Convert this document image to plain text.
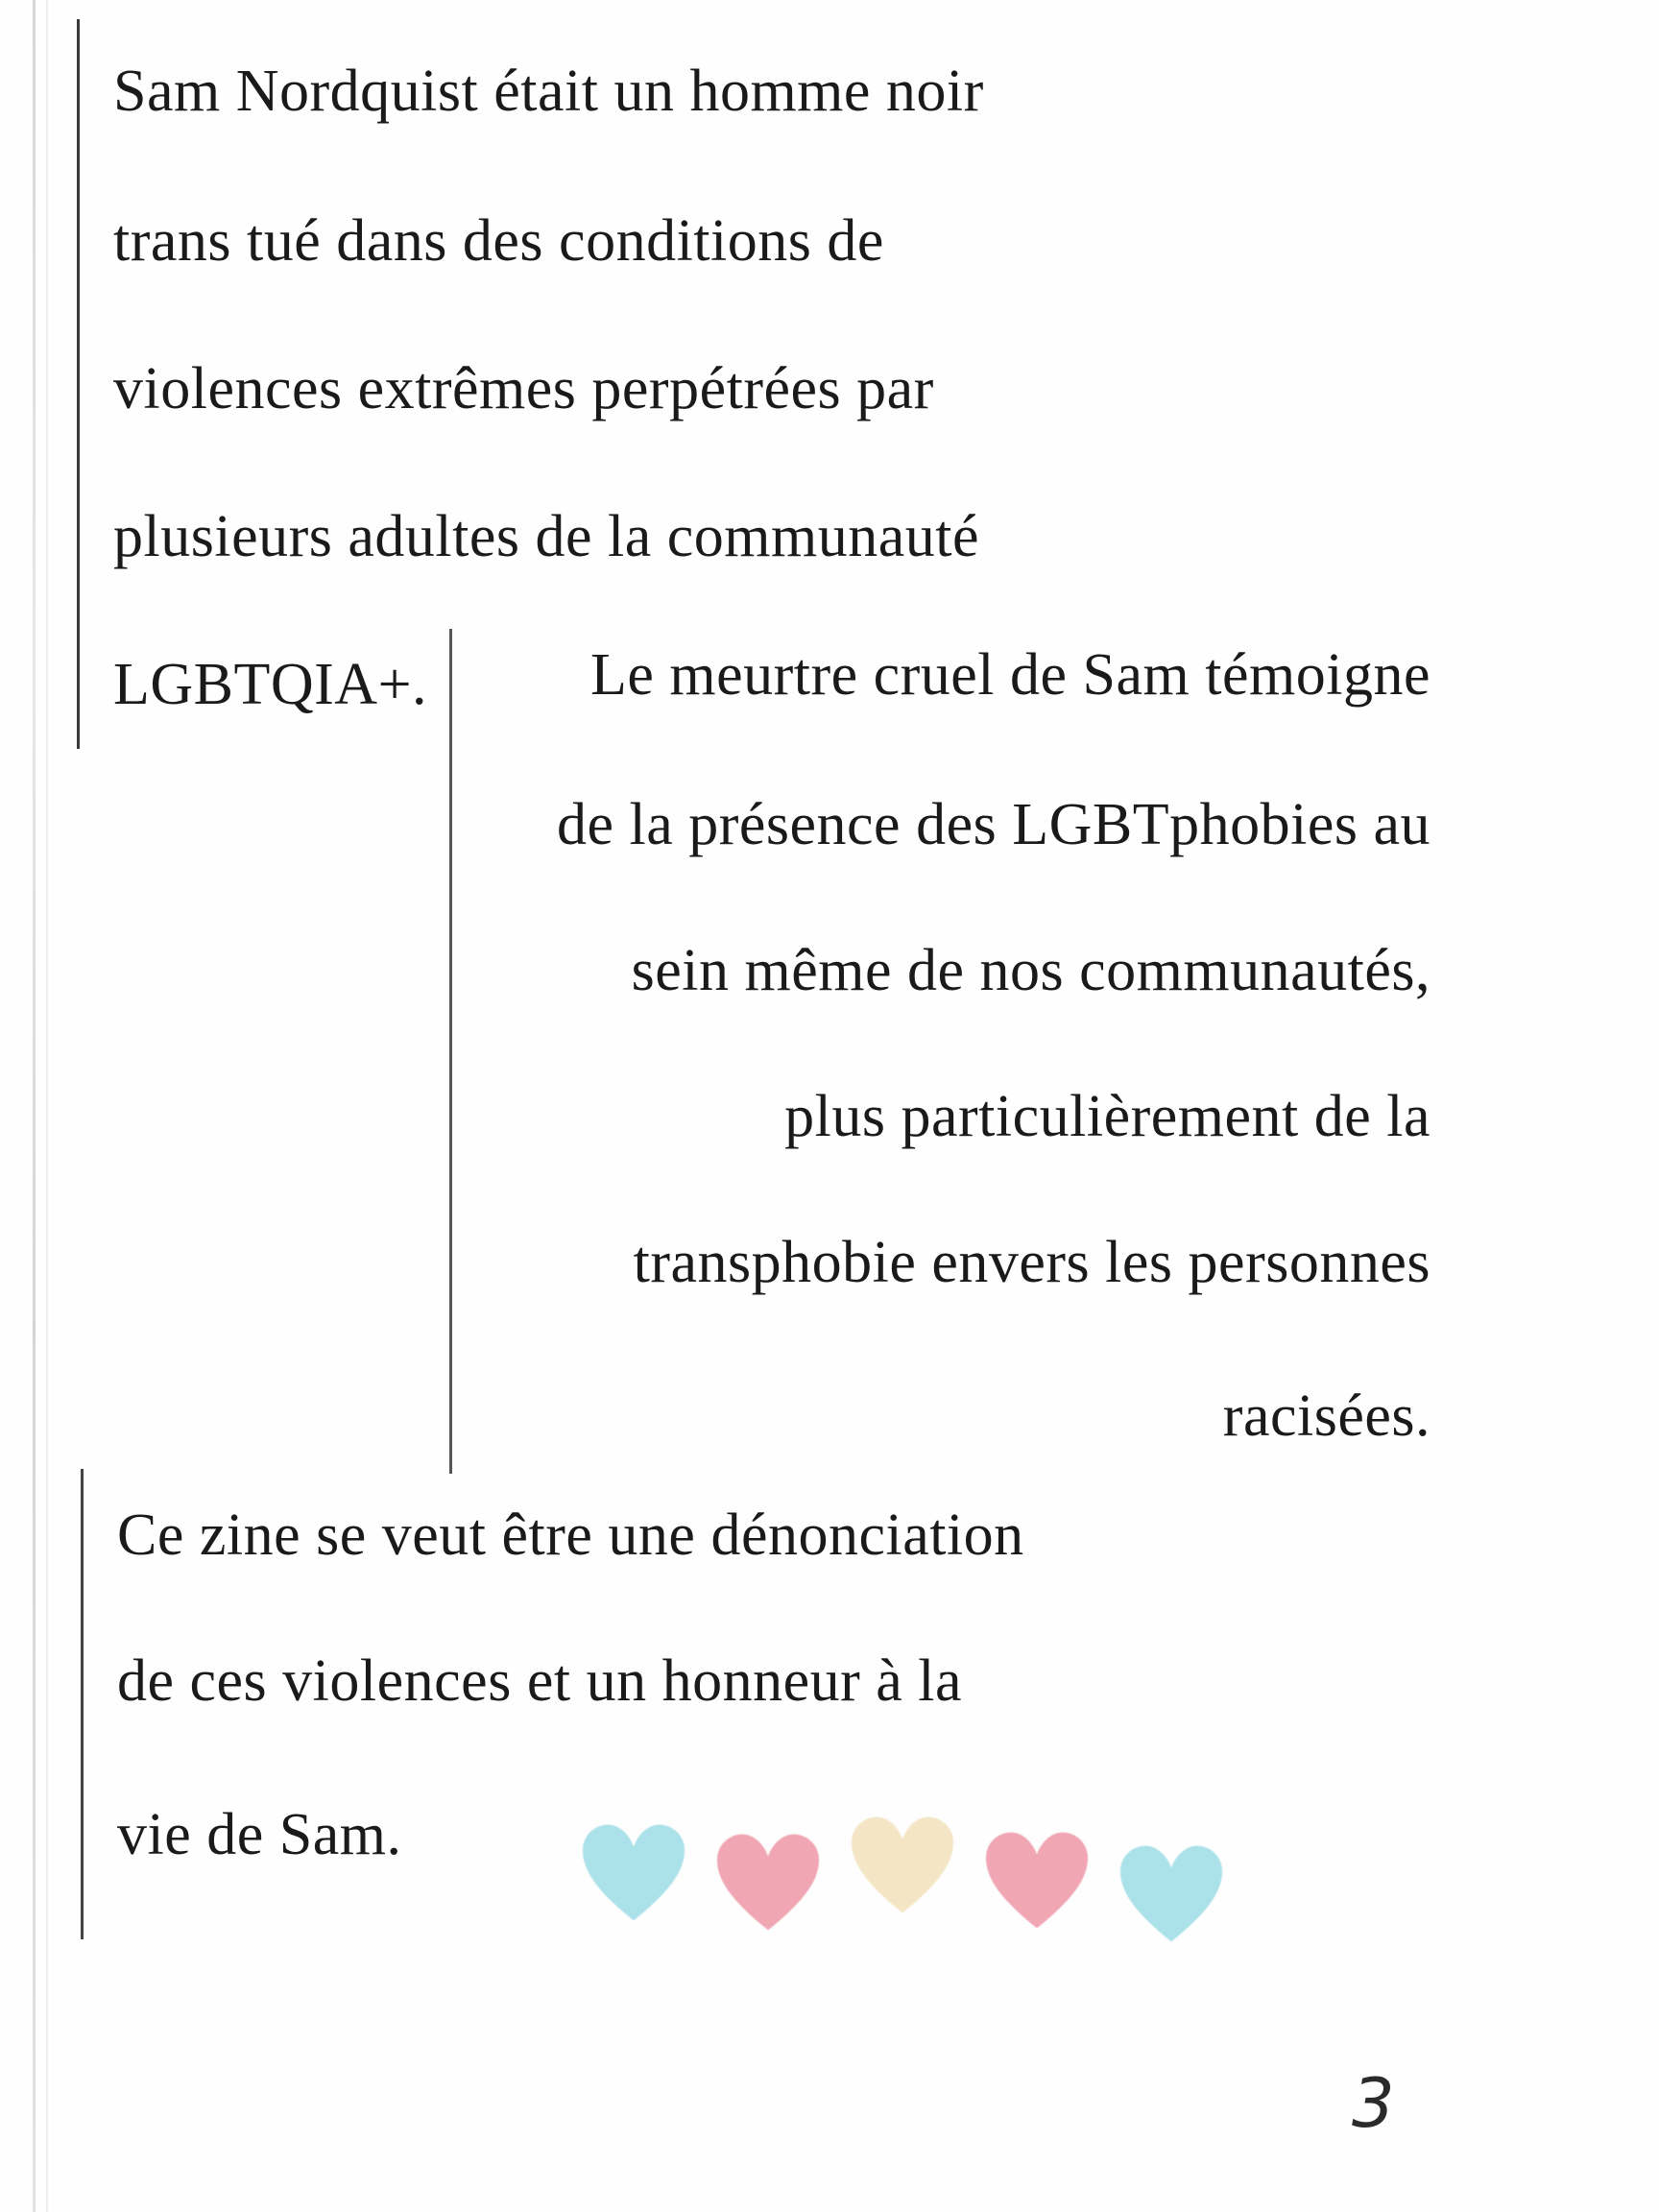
Sam Nordquist était un homme noir
trans tué dans des conditions de
violences extrêmes perpétrées par
plusieurs adultes de la communauté
LGBTQIA+.	Le meurtre cruel de Sam témoigne
de la présence des LGBTphobies au
sein même de nos communautés,
plus particulièrement de la
transphobie envers les personnes
racisées.
Ce zine se veut être une dénonciation
de ces violences et un honneur à la
vie de Sam.
3
